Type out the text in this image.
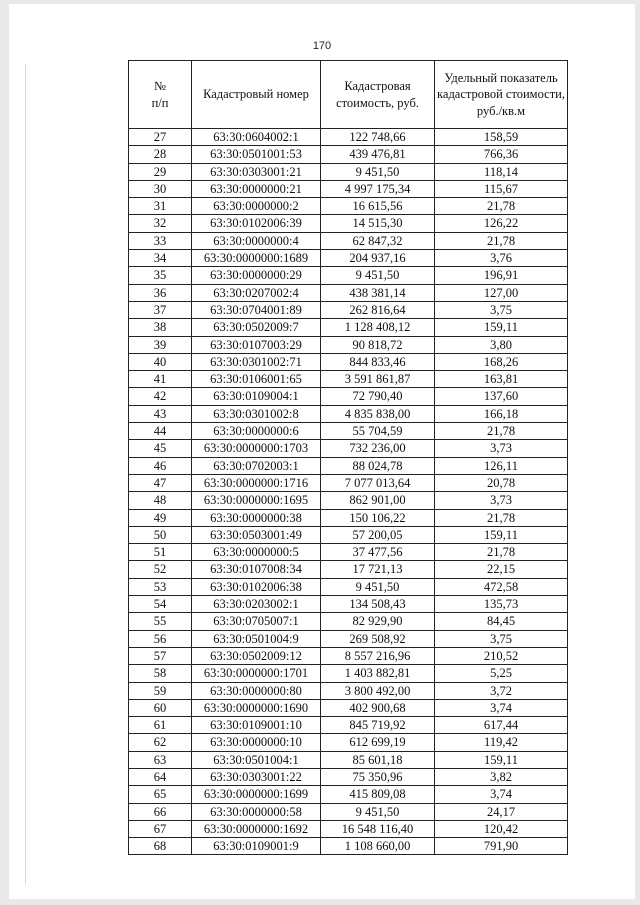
170
№
п/п	Кадастровый номер	Кадастровая стоимость, руб.	Удельный показатель кадастровой стоимости, руб./кв.м
27	63:30:0604002:1	122 748,66	158,59
28	63:30:0501001:53	439 476,81	766,36
29	63:30:0303001:21	9 451,50	118,14
30	63:30:0000000:21	4 997 175,34	115,67
31	63:30:0000000:2	16 615,56	21,78
32	63:30:0102006:39	14 515,30	126,22
33	63:30:0000000:4	62 847,32	21,78
34	63:30:0000000:1689	204 937,16	3,76
35	63:30:0000000:29	9 451,50	196,91
36	63:30:0207002:4	438 381,14	127,00
37	63:30:0704001:89	262 816,64	3,75
38	63:30:0502009:7	1 128 408,12	159,11
39	63:30:0107003:29	90 818,72	3,80
40	63:30:0301002:71	844 833,46	168,26
41	63:30:0106001:65	3 591 861,87	163,81
42	63:30:0109004:1	72 790,40	137,60
43	63:30:0301002:8	4 835 838,00	166,18
44	63:30:0000000:6	55 704,59	21,78
45	63:30:0000000:1703	732 236,00	3,73
46	63:30:0702003:1	88 024,78	126,11
47	63:30:0000000:1716	7 077 013,64	20,78
48	63:30:0000000:1695	862 901,00	3,73
49	63:30:0000000:38	150 106,22	21,78
50	63:30:0503001:49	57 200,05	159,11
51	63:30:0000000:5	37 477,56	21,78
52	63:30:0107008:34	17 721,13	22,15
53	63:30:0102006:38	9 451,50	472,58
54	63:30:0203002:1	134 508,43	135,73
55	63:30:0705007:1	82 929,90	84,45
56	63:30:0501004:9	269 508,92	3,75
57	63:30:0502009:12	8 557 216,96	210,52
58	63:30:0000000:1701	1 403 882,81	5,25
59	63:30:0000000:80	3 800 492,00	3,72
60	63:30:0000000:1690	402 900,68	3,74
61	63:30:0109001:10	845 719,92	617,44
62	63:30:0000000:10	612 699,19	119,42
63	63:30:0501004:1	85 601,18	159,11
64	63:30:0303001:22	75 350,96	3,82
65	63:30:0000000:1699	415 809,08	3,74
66	63:30:0000000:58	9 451,50	24,17
67	63:30:0000000:1692	16 548 116,40	120,42
68	63:30:0109001:9	1 108 660,00	791,90
